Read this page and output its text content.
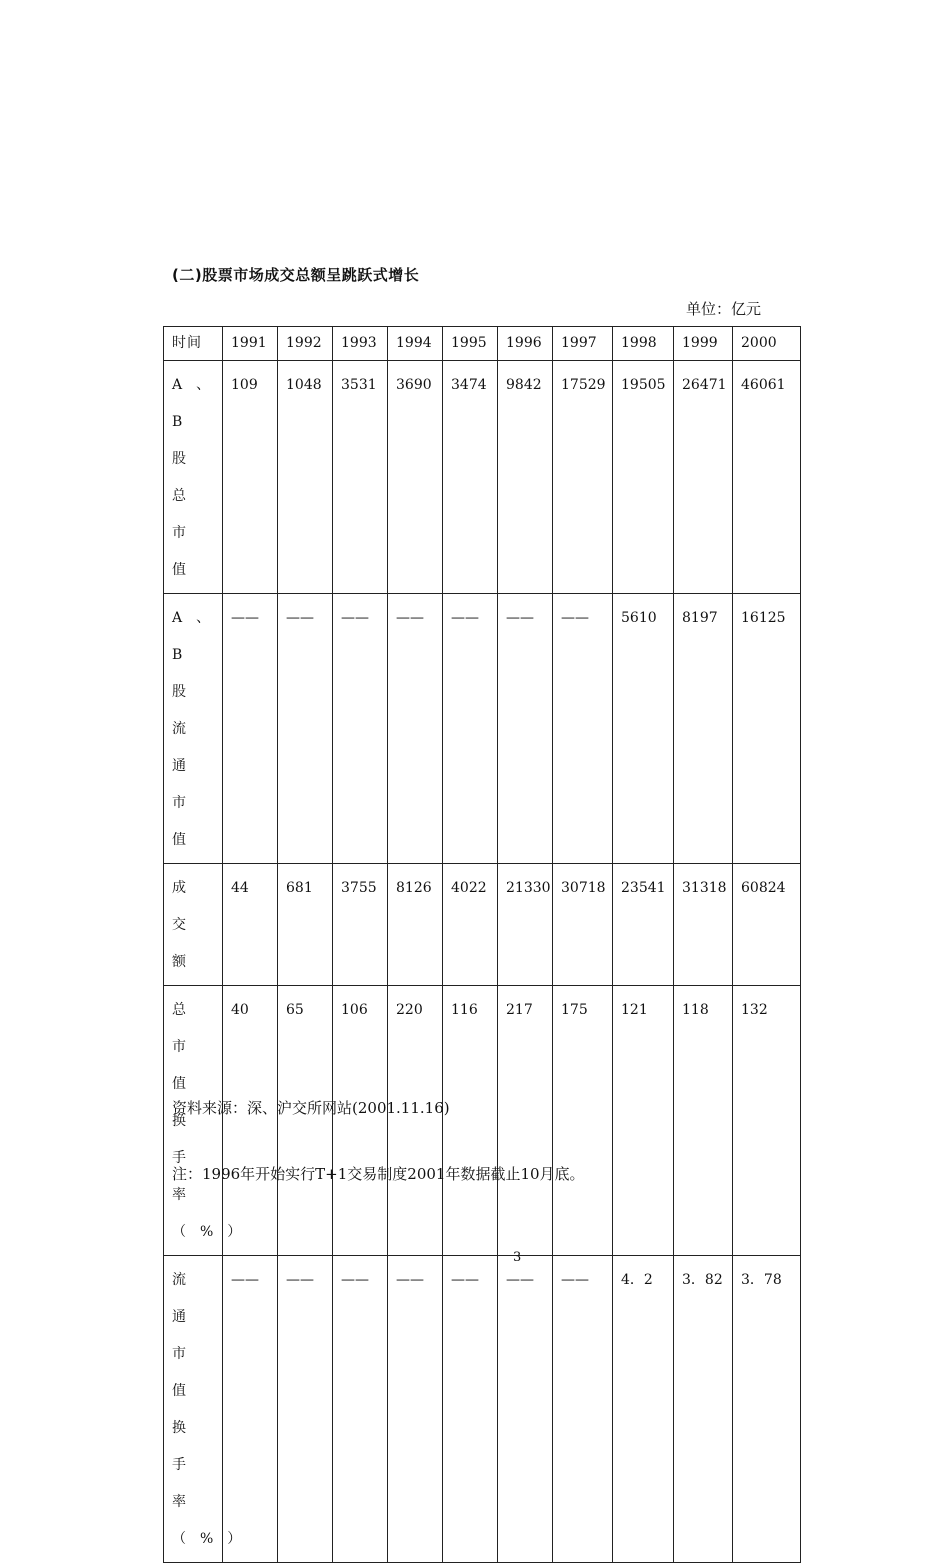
(二)股票市场成交总额呈跳跃式增长
单位：亿元
时间	1991	1992	1993	1994	1995	1996	1997	1998	1999	2000
A、B股总市值	109	1048	3531	3690	3474	9842	17529	19505	26471	46061
A、B股流通市值	——	——	——	——	——	——	——	5610	8197	16125
成交额	44	681	3755	8126	4022	21330	30718	23541	31318	60824
总市值换手率（%）	40	65	106	220	116	217	175	121	118	132
流通市值换手率（%）	——	——	——	——	——	——	——	4．2	3．82	3．78
资料来源：深、沪交所网站(2001.11.16)
注：1996年开始实行T+1交易制度2001年数据截止10月底。
3
